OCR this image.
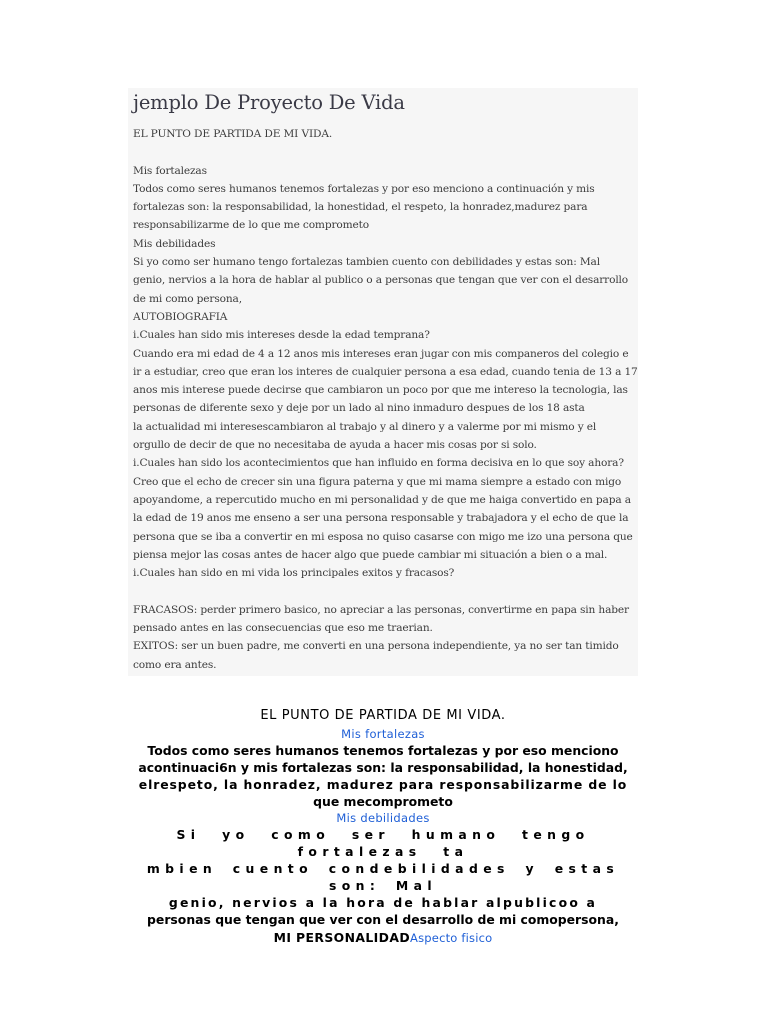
jemplo De Proyecto De Vida
EL PUNTO DE PARTIDA DE MI VIDA.
Mis fortalezas
Todos como seres humanos tenemos fortalezas y por eso menciono a continuación y mis
fortalezas son: la responsabilidad, la honestidad, el respeto, la honradez,madurez para
responsabilizarme de lo que me comprometo
Mis debilidades
Si yo como ser humano tengo fortalezas tambien cuento con debilidades y estas son: Mal
genio, nervios a la hora de hablar al publico o a personas que tengan que ver con el desarrollo
de mi como persona,
AUTOBIOGRAFIA
i.Cuales han sido mis intereses desde la edad temprana?
Cuando era mi edad de 4 a 12 anos mis intereses eran jugar con mis companeros del colegio e
ir a estudiar, creo que eran los interes de cualquier persona a esa edad, cuando tenia de 13 a 17
anos mis interese puede decirse que cambiaron un poco por que me intereso la tecnologia, las
personas de diferente sexo y deje por un lado al nino inmaduro despues de los 18 asta
la actualidad mi interesescambiaron al trabajo y al dinero y a valerme por mi mismo y el
orgullo de decir de que no necesitaba de ayuda a hacer mis cosas por si solo.
i.Cuales han sido los acontecimientos que han influido en forma decisiva en lo que soy ahora?
Creo que el echo de crecer sin una figura paterna y que mi mama siempre a estado con migo
apoyandome, a repercutido mucho en mi personalidad y de que me haiga convertido en papa a
la edad de 19 anos me enseno a ser una persona responsable y trabajadora y el echo de que la
persona que se iba a convertir en mi esposa no quiso casarse con migo me izo una persona que
piensa mejor las cosas antes de hacer algo que puede cambiar mi situación a bien o a mal.
i.Cuales han sido en mi vida los principales exitos y fracasos?
FRACASOS: perder primero basico, no apreciar a las personas, convertirme en papa sin haber
pensado antes en las consecuencias que eso me traerian.
EXITOS: ser un buen padre, me converti en una persona independiente, ya no ser tan timido
como era antes.
EL PUNTO DE PARTIDA DE MI VIDA.
Mis fortalezas
Todos como seres humanos tenemos fortalezas y por eso menciono
acontinuaci6n y mis fortalezas son: la responsabilidad, la honestidad,
elrespeto, la honradez, madurez para responsabilizarme de lo
que mecomprometo
Mis debilidades
Si yo como ser humano tengo fortalezas ta
mbien cuento condebilidades y estas son: Mal
genio, nervios a la hora de hablar alpublicoo a
personas que tengan que ver con el desarrollo de mi comopersona,
MI PERSONALIDADAspecto fisico
